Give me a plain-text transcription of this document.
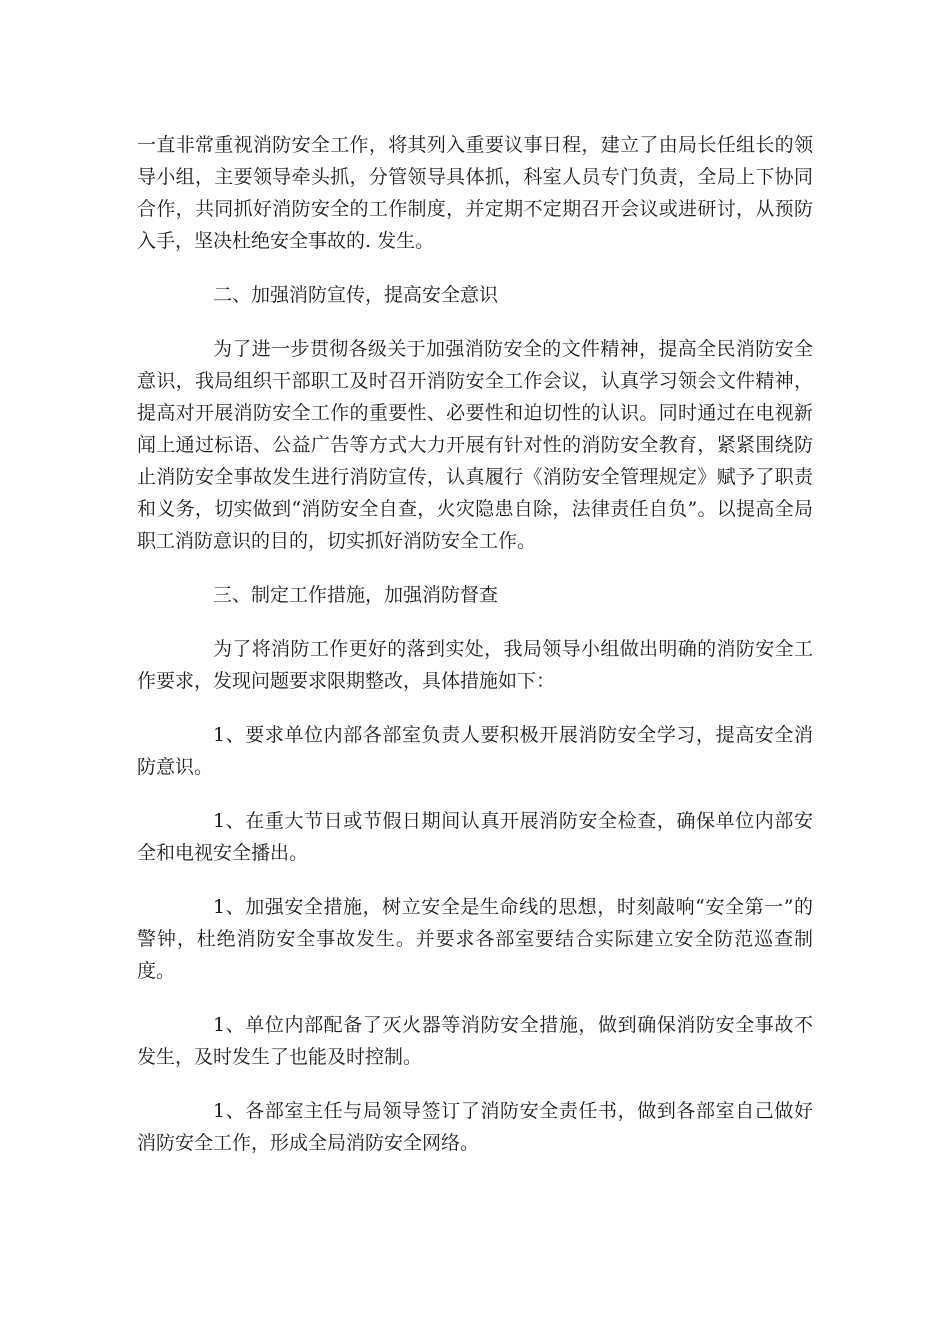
一直非常重视消防安全工作，将其列入重要议事日程，建立了由局长任组长的领导小组，主要领导牵头抓，分管领导具体抓，科室人员专门负责，全局上下协同合作，共同抓好消防安全的工作制度，并定期不定期召开会议或进研讨，从预防入手，坚决杜绝安全事故的. 发生。

二、加强消防宣传，提高安全意识

为了进一步贯彻各级关于加强消防安全的文件精神，提高全民消防安全意识，我局组织干部职工及时召开消防安全工作会议，认真学习领会文件精神，提高对开展消防安全工作的重要性、必要性和迫切性的认识。同时通过在电视新闻上通过标语、公益广告等方式大力开展有针对性的消防安全教育，紧紧围绕防止消防安全事故发生进行消防宣传，认真履行《消防安全管理规定》赋予了职责和义务，切实做到“消防安全自查，火灾隐患自除，法律责任自负”。以提高全局职工消防意识的目的，切实抓好消防安全工作。

三、制定工作措施，加强消防督查

为了将消防工作更好的落到实处，我局领导小组做出明确的消防安全工作要求，发现问题要求限期整改，具体措施如下：

1、要求单位内部各部室负责人要积极开展消防安全学习，提高安全消防意识。

1、在重大节日或节假日期间认真开展消防安全检查，确保单位内部安全和电视安全播出。

1、加强安全措施，树立安全是生命线的思想，时刻敲响“安全第一”的警钟，杜绝消防安全事故发生。并要求各部室要结合实际建立安全防范巡查制度。

1、单位内部配备了灭火器等消防安全措施，做到确保消防安全事故不发生，及时发生了也能及时控制。

1、各部室主任与局领导签订了消防安全责任书，做到各部室自己做好消防安全工作，形成全局消防安全网络。
